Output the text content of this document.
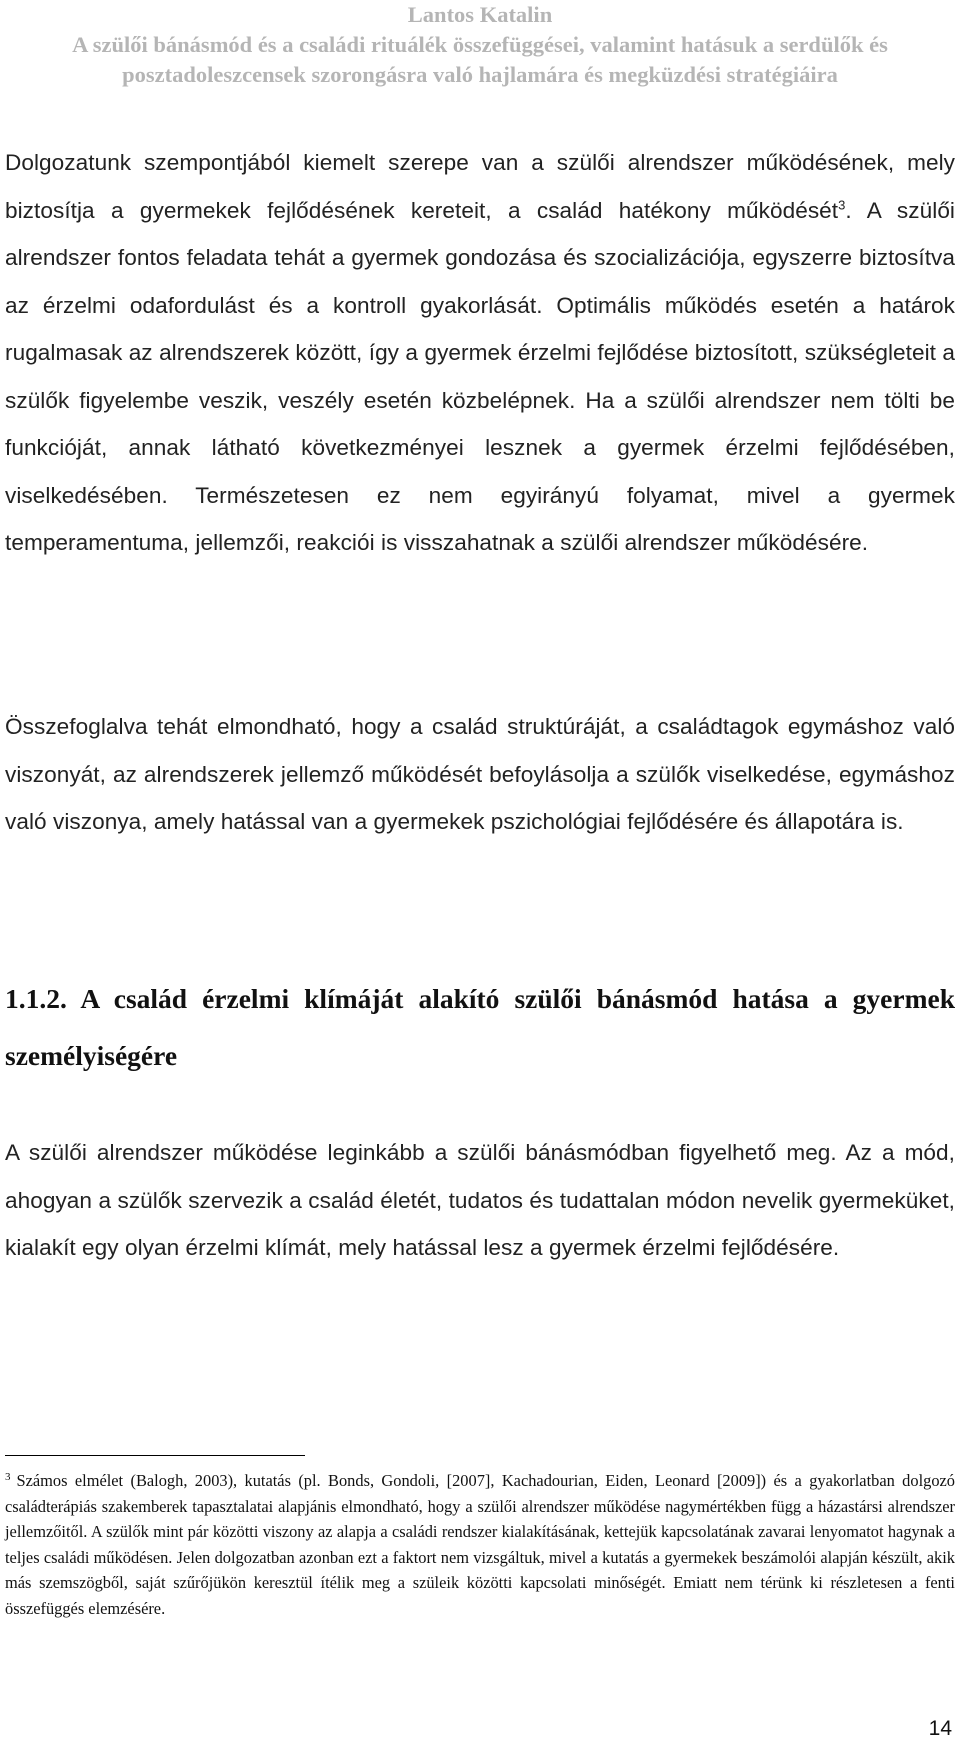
Lantos Katalin
A szülői bánásmód és a családi rituálék összefüggései, valamint hatásuk a serdülők és posztadoleszcensek szorongásra való hajlamára és megküzdési stratégiáira

Dolgozatunk szempontjából kiemelt szerepe van a szülői alrendszer működésének, mely biztosítja a gyermekek fejlődésének kereteit, a család hatékony működését$^3$. A szülői alrendszer fontos feladata tehát a gyermek gondozása és szocializációja, egyszerre biztosítva az érzelmi odafordulást és a kontroll gyakorlását. Optimális működés esetén a határok rugalmasak az alrendszerek között, így a gyermek érzelmi fejlődése biztosított, szükségleteit a szülők figyelembe veszik, veszély esetén közbelépnek. Ha a szülői alrendszer nem tölti be funkcióját, annak látható következményei lesznek a gyermek érzelmi fejlődésében, viselkedésében. Természetesen ez nem egyirányú folyamat, mivel a gyermek temperamentuma, jellemzői, reakciói is visszahatnak a szülői alrendszer működésére.

Összefoglalva tehát elmondható, hogy a család struktúráját, a családtagok egymáshoz való viszonyát, az alrendszerek jellemző működését befoylásolja a szülők viselkedése, egymáshoz való viszonya, amely hatással van a gyermekek pszichológiai fejlődésére és állapotára is.

1.1.2. A család érzelmi klímáját alakító szülői bánásmód hatása a gyermek személyiségére

A szülői alrendszer működése leginkább a szülői bánásmódban figyelhető meg. Az a mód, ahogyan a szülők szervezik a család életét, tudatos és tudattalan módon nevelik gyermeküket, kialakít egy olyan érzelmi klímát, mely hatással lesz a gyermek érzelmi fejlődésére.

$^3$ Számos elmélet (Balogh, 2003), kutatás (pl. Bonds, Gondoli, [2007], Kachadourian, Eiden, Leonard [2009]) és a gyakorlatban dolgozó családterápiás szakemberek tapasztalatai alapjánis elmondható, hogy a szülői alrendszer működése nagymértékben függ a házastársi alrendszer jellemzőitől. A szülők mint pár közötti viszony az alapja a családi rendszer kialakításának, kettejük kapcsolatának zavarai lenyomatot hagynak a teljes családi működésen. Jelen dolgozatban azonban ezt a faktort nem vizsgáltuk, mivel a kutatás a gyermekek beszámolói alapján készült, akik más szemszögből, saját szűrőjükön keresztül ítélik meg a szüleik közötti kapcsolati minőségét. Emiatt nem térünk ki részletesen a fenti összefüggés elemzésére.

14
